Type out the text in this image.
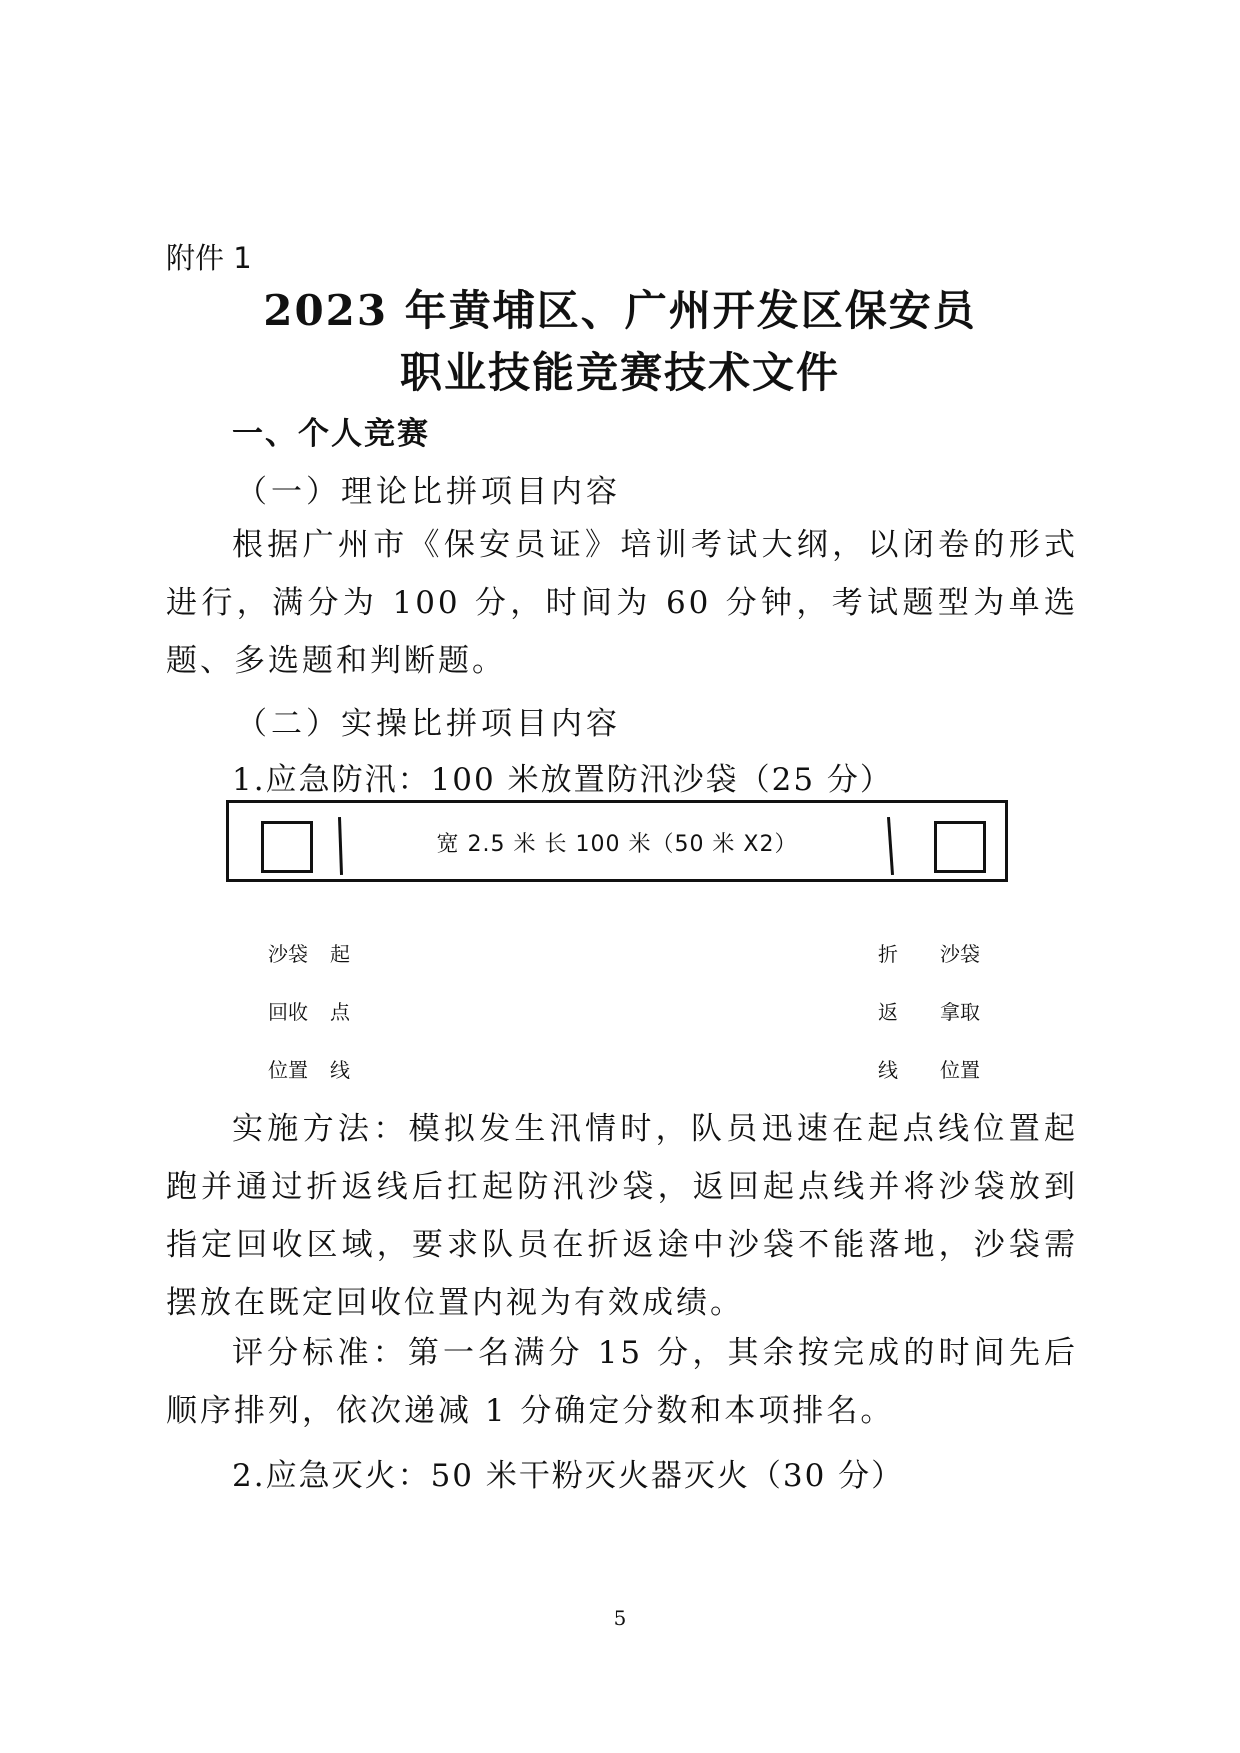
附件 1
2023 年黄埔区、广州开发区保安员
职业技能竞赛技术文件
一、个人竞赛
（一）理论比拼项目内容
根据广州市《保安员证》培训考试大纲，以闭卷的形式进行，满分为 100 分，时间为 60 分钟，考试题型为单选题、多选题和判断题。
（二）实操比拼项目内容
1.应急防汛：100 米放置防汛沙袋（25 分）
宽 2.5 米 长 100 米（50 米 X2）
沙袋
回收
位置
起
点
线
折
返
线
沙袋
拿取
位置
实施方法：模拟发生汛情时，队员迅速在起点线位置起跑并通过折返线后扛起防汛沙袋，返回起点线并将沙袋放到指定回收区域，要求队员在折返途中沙袋不能落地，沙袋需摆放在既定回收位置内视为有效成绩。
评分标准：第一名满分 15 分，其余按完成的时间先后顺序排列，依次递减 1 分确定分数和本项排名。
2.应急灭火：50 米干粉灭火器灭火（30 分）
5
